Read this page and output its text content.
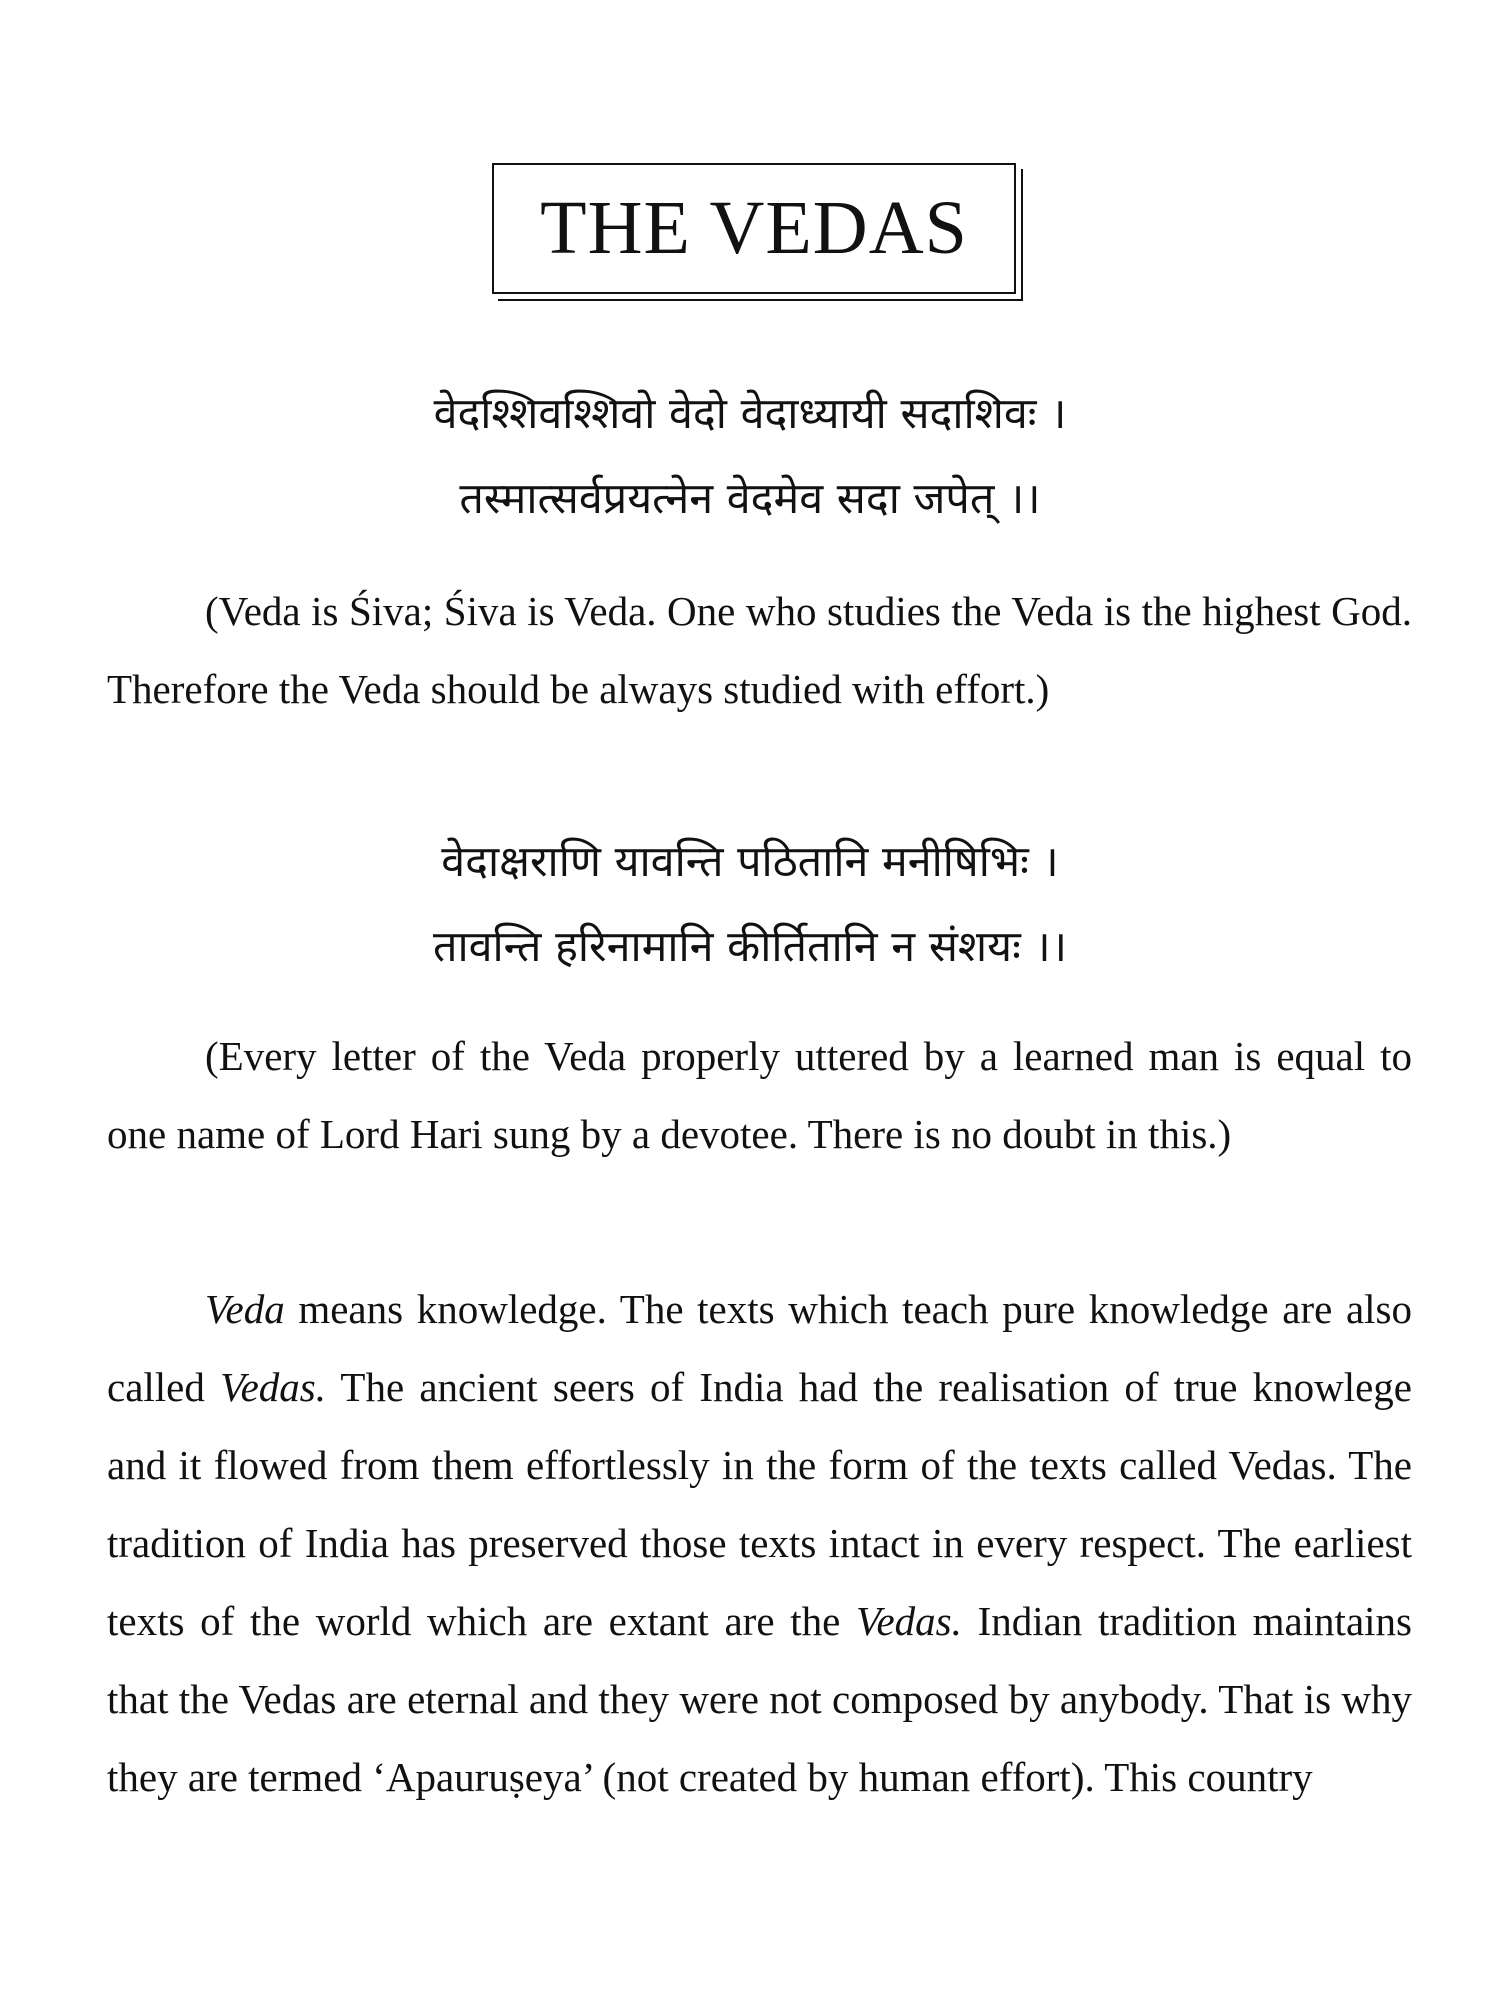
THE VEDAS
वेदश्शिवश्शिवो वेदो वेदाध्यायी सदाशिवः ।
तस्मात्सर्वप्रयत्नेन वेदमेव सदा जपेत् ।।

(Veda is Śiva; Śiva is Veda. One who studies the Veda is the highest God. Therefore the Veda should be always studied with effort.)

वेदाक्षराणि यावन्ति पठितानि मनीषिभिः ।
तावन्ति हरिनामानि कीर्तितानि न संशयः ।।

(Every letter of the Veda properly uttered by a learned man is equal to one name of Lord Hari sung by a devotee. There is no doubt in this.)

Veda means knowledge. The texts which teach pure knowledge are also called Vedas. The ancient seers of India had the realisation of true knowlege and it flowed from them effortlessly in the form of the texts called Vedas. The tradition of India has preserved those texts intact in every respect. The earliest texts of the world which are extant are the Vedas. Indian tradition maintains that the Vedas are eternal and they were not composed by anybody. That is why they are termed ‘Apauruṣeya’ (not created by human effort). This country
